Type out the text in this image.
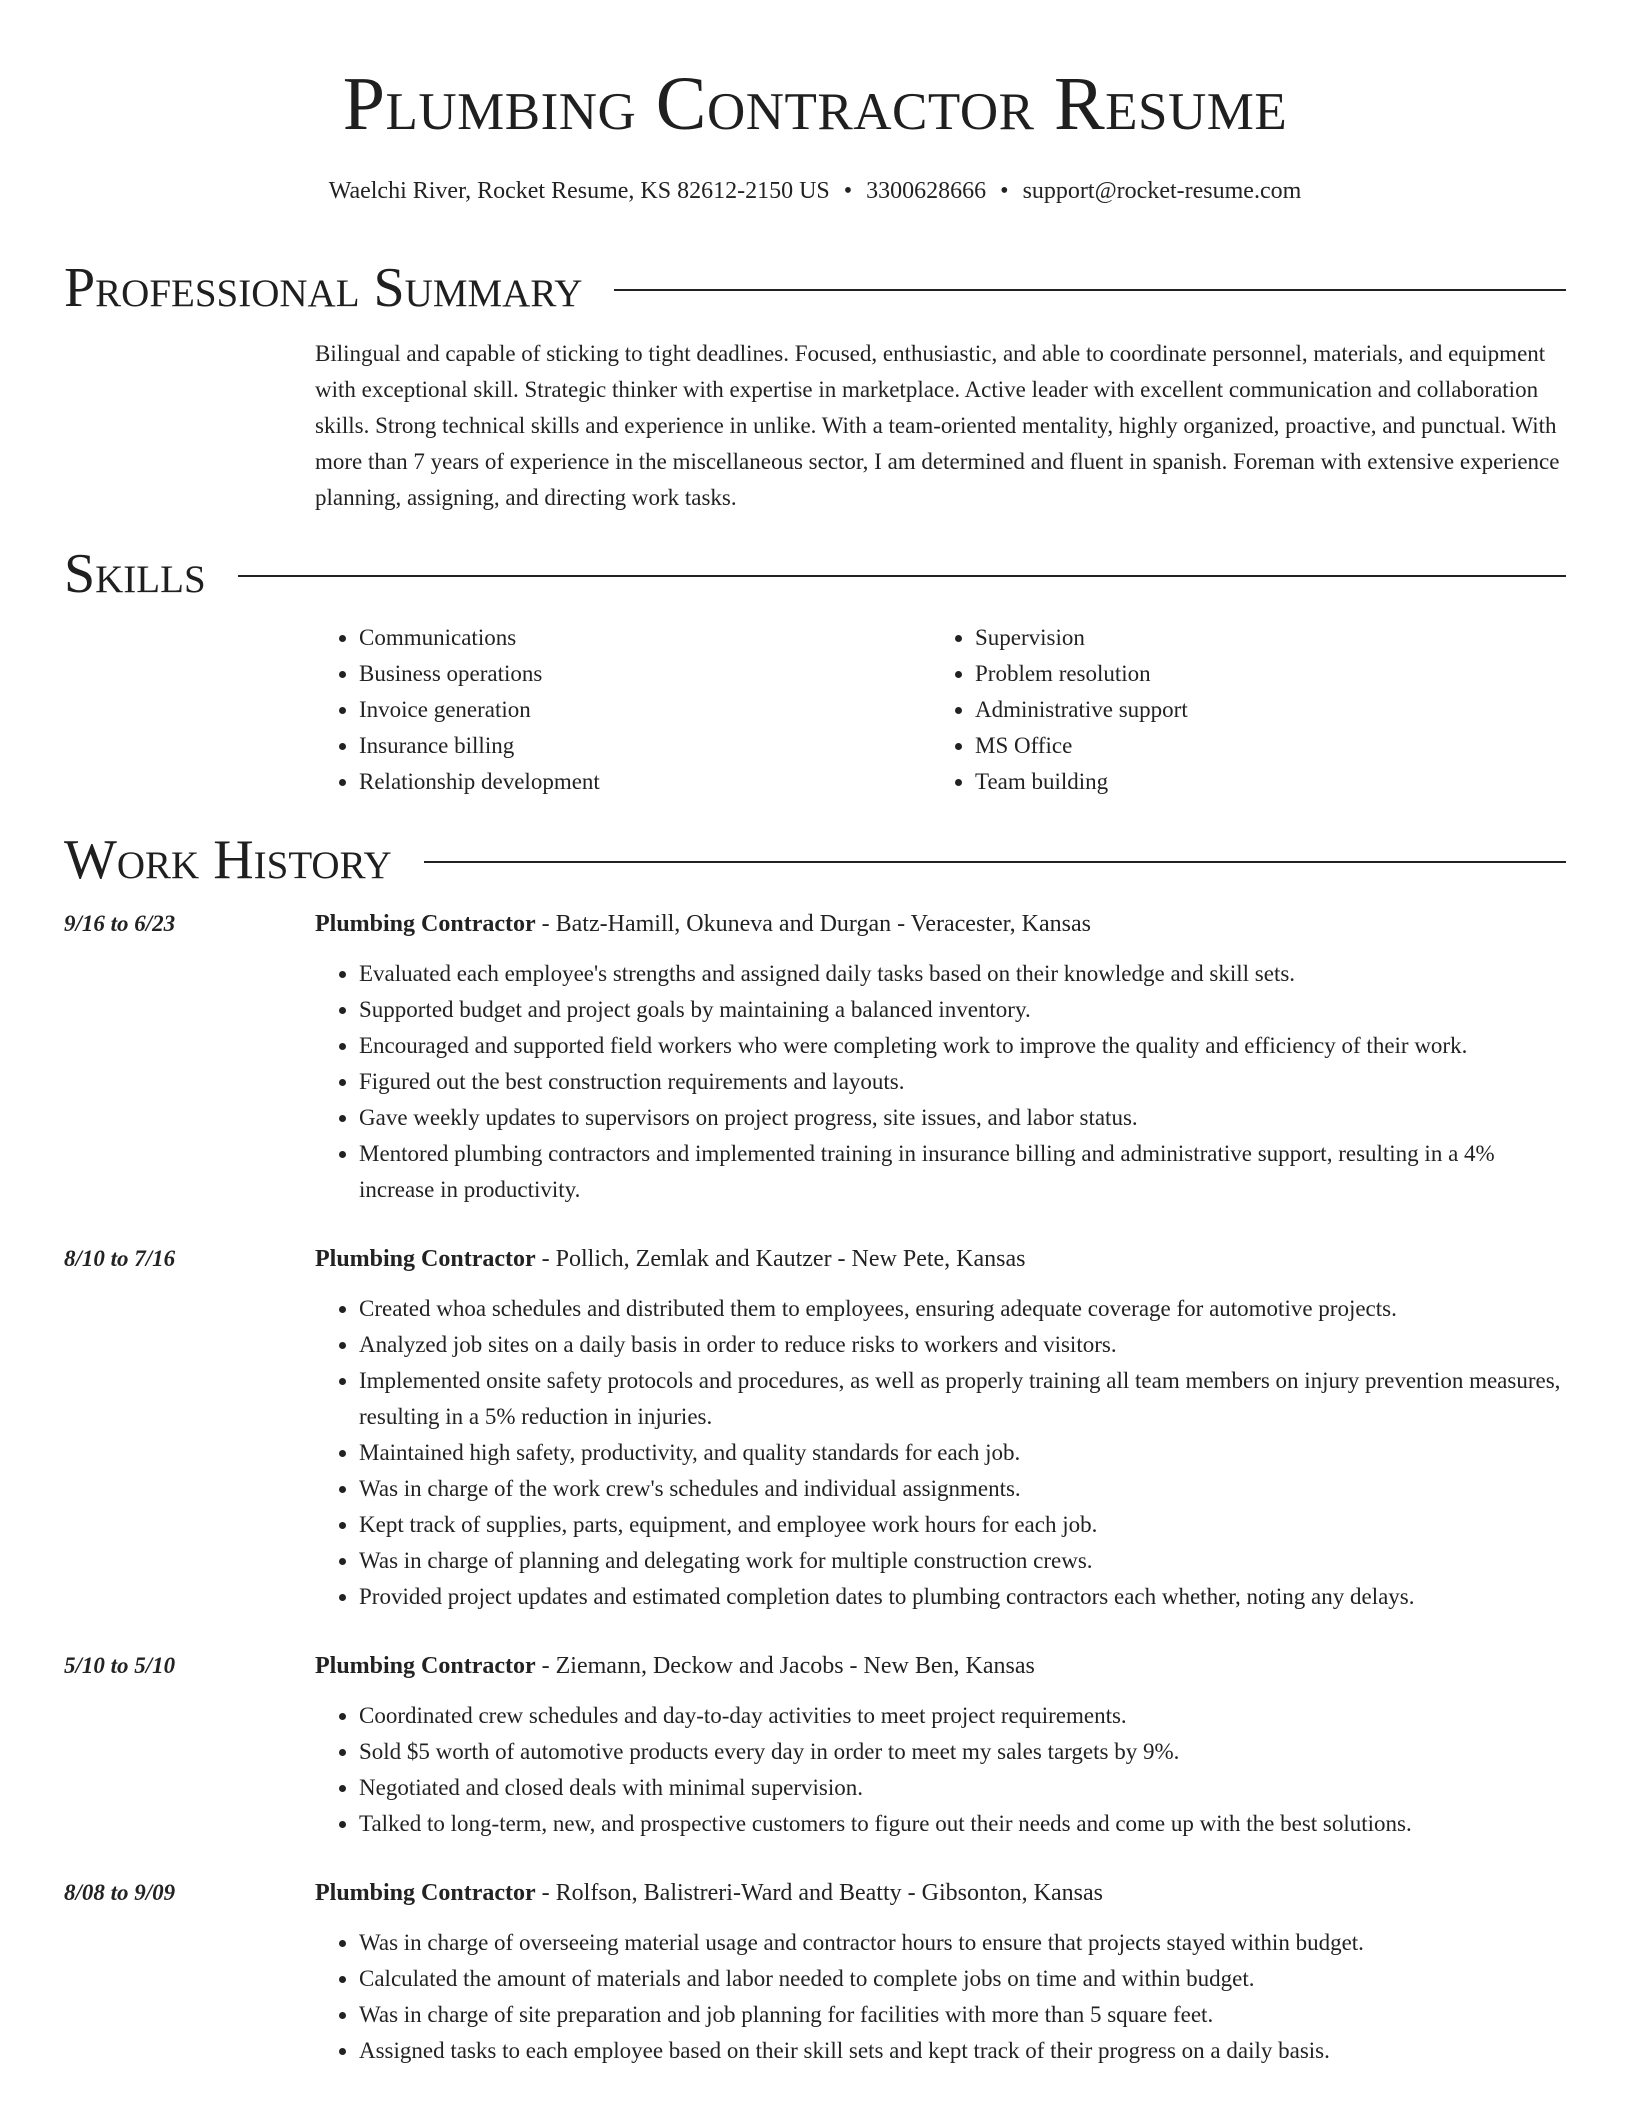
Plumbing Contractor Resume
Waelchi River, Rocket Resume, KS 82612-2150 US • 3300628666 • support@rocket-resume.com
Professional Summary
Bilingual and capable of sticking to tight deadlines. Focused, enthusiastic, and able to coordinate personnel, materials, and equipment with exceptional skill. Strategic thinker with expertise in marketplace. Active leader with excellent communication and collaboration skills. Strong technical skills and experience in unlike. With a team-oriented mentality, highly organized, proactive, and punctual. With more than 7 years of experience in the miscellaneous sector, I am determined and fluent in spanish. Foreman with extensive experience planning, assigning, and directing work tasks.
Skills
• Communications
• Business operations
• Invoice generation
• Insurance billing
• Relationship development
• Supervision
• Problem resolution
• Administrative support
• MS Office
• Team building
Work History
9/16 to 6/23	Plumbing Contractor - Batz-Hamill, Okuneva and Durgan - Veracester, Kansas
• Evaluated each employee's strengths and assigned daily tasks based on their knowledge and skill sets.
• Supported budget and project goals by maintaining a balanced inventory.
• Encouraged and supported field workers who were completing work to improve the quality and efficiency of their work.
• Figured out the best construction requirements and layouts.
• Gave weekly updates to supervisors on project progress, site issues, and labor status.
• Mentored plumbing contractors and implemented training in insurance billing and administrative support, resulting in a 4% increase in productivity.
8/10 to 7/16	Plumbing Contractor - Pollich, Zemlak and Kautzer - New Pete, Kansas
• Created whoa schedules and distributed them to employees, ensuring adequate coverage for automotive projects.
• Analyzed job sites on a daily basis in order to reduce risks to workers and visitors.
• Implemented onsite safety protocols and procedures, as well as properly training all team members on injury prevention measures, resulting in a 5% reduction in injuries.
• Maintained high safety, productivity, and quality standards for each job.
• Was in charge of the work crew's schedules and individual assignments.
• Kept track of supplies, parts, equipment, and employee work hours for each job.
• Was in charge of planning and delegating work for multiple construction crews.
• Provided project updates and estimated completion dates to plumbing contractors each whether, noting any delays.
5/10 to 5/10	Plumbing Contractor - Ziemann, Deckow and Jacobs - New Ben, Kansas
• Coordinated crew schedules and day-to-day activities to meet project requirements.
• Sold $5 worth of automotive products every day in order to meet my sales targets by 9%.
• Negotiated and closed deals with minimal supervision.
• Talked to long-term, new, and prospective customers to figure out their needs and come up with the best solutions.
8/08 to 9/09	Plumbing Contractor - Rolfson, Balistreri-Ward and Beatty - Gibsonton, Kansas
• Was in charge of overseeing material usage and contractor hours to ensure that projects stayed within budget.
• Calculated the amount of materials and labor needed to complete jobs on time and within budget.
• Was in charge of site preparation and job planning for facilities with more than 5 square feet.
• Assigned tasks to each employee based on their skill sets and kept track of their progress on a daily basis.
